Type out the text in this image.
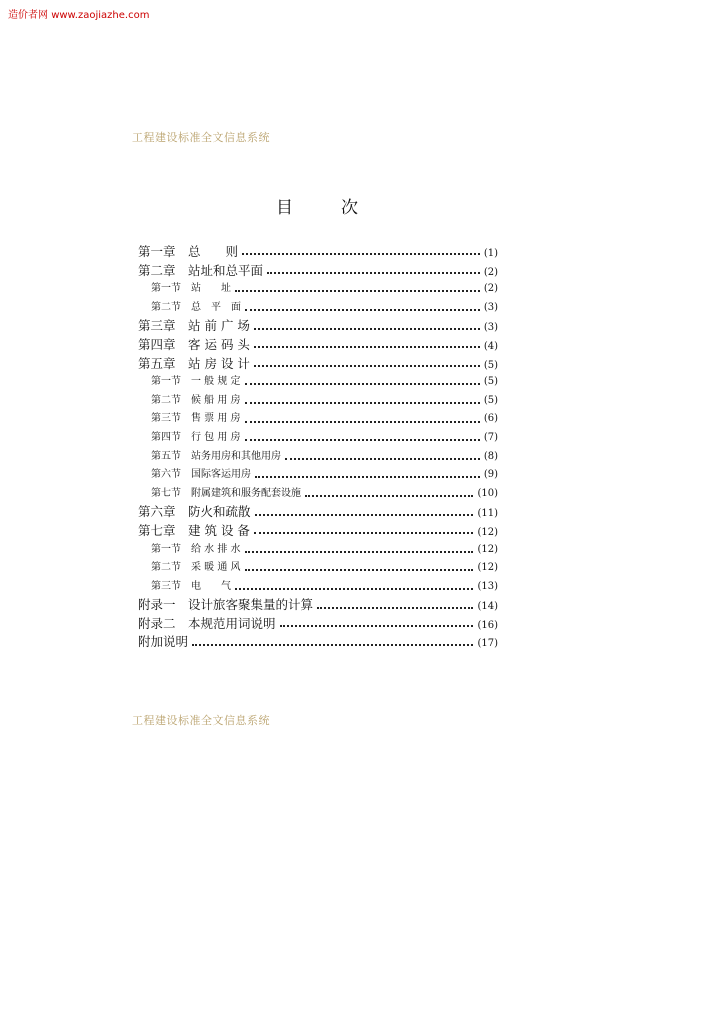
造价者网 www.zaojiazhe.com
工程建设标准全文信息系统
目	次
第一章　总　　则	(1)
第二章　站址和总平面	(2)
第一节　站　　址	(2)
第二节　总　平　面	(3)
第三章　站 前 广 场	(3)
第四章　客 运 码 头	(4)
第五章　站 房 设 计	(5)
第一节　一 般 规 定	(5)
第二节　候 船 用 房	(5)
第三节　售 票 用 房	(6)
第四节　行 包 用 房	(7)
第五节　站务用房和其他用房	(8)
第六节　国际客运用房	(9)
第七节　附属建筑和服务配套设施	(10)
第六章　防火和疏散	(11)
第七章　建 筑 设 备	(12)
第一节　给 水 排 水	(12)
第二节　采 暖 通 风	(12)
第三节　电　　气	(13)
附录一　设计旅客聚集量的计算	(14)
附录二　本规范用词说明	(16)
附加说明	(17)
工程建设标准全文信息系统
